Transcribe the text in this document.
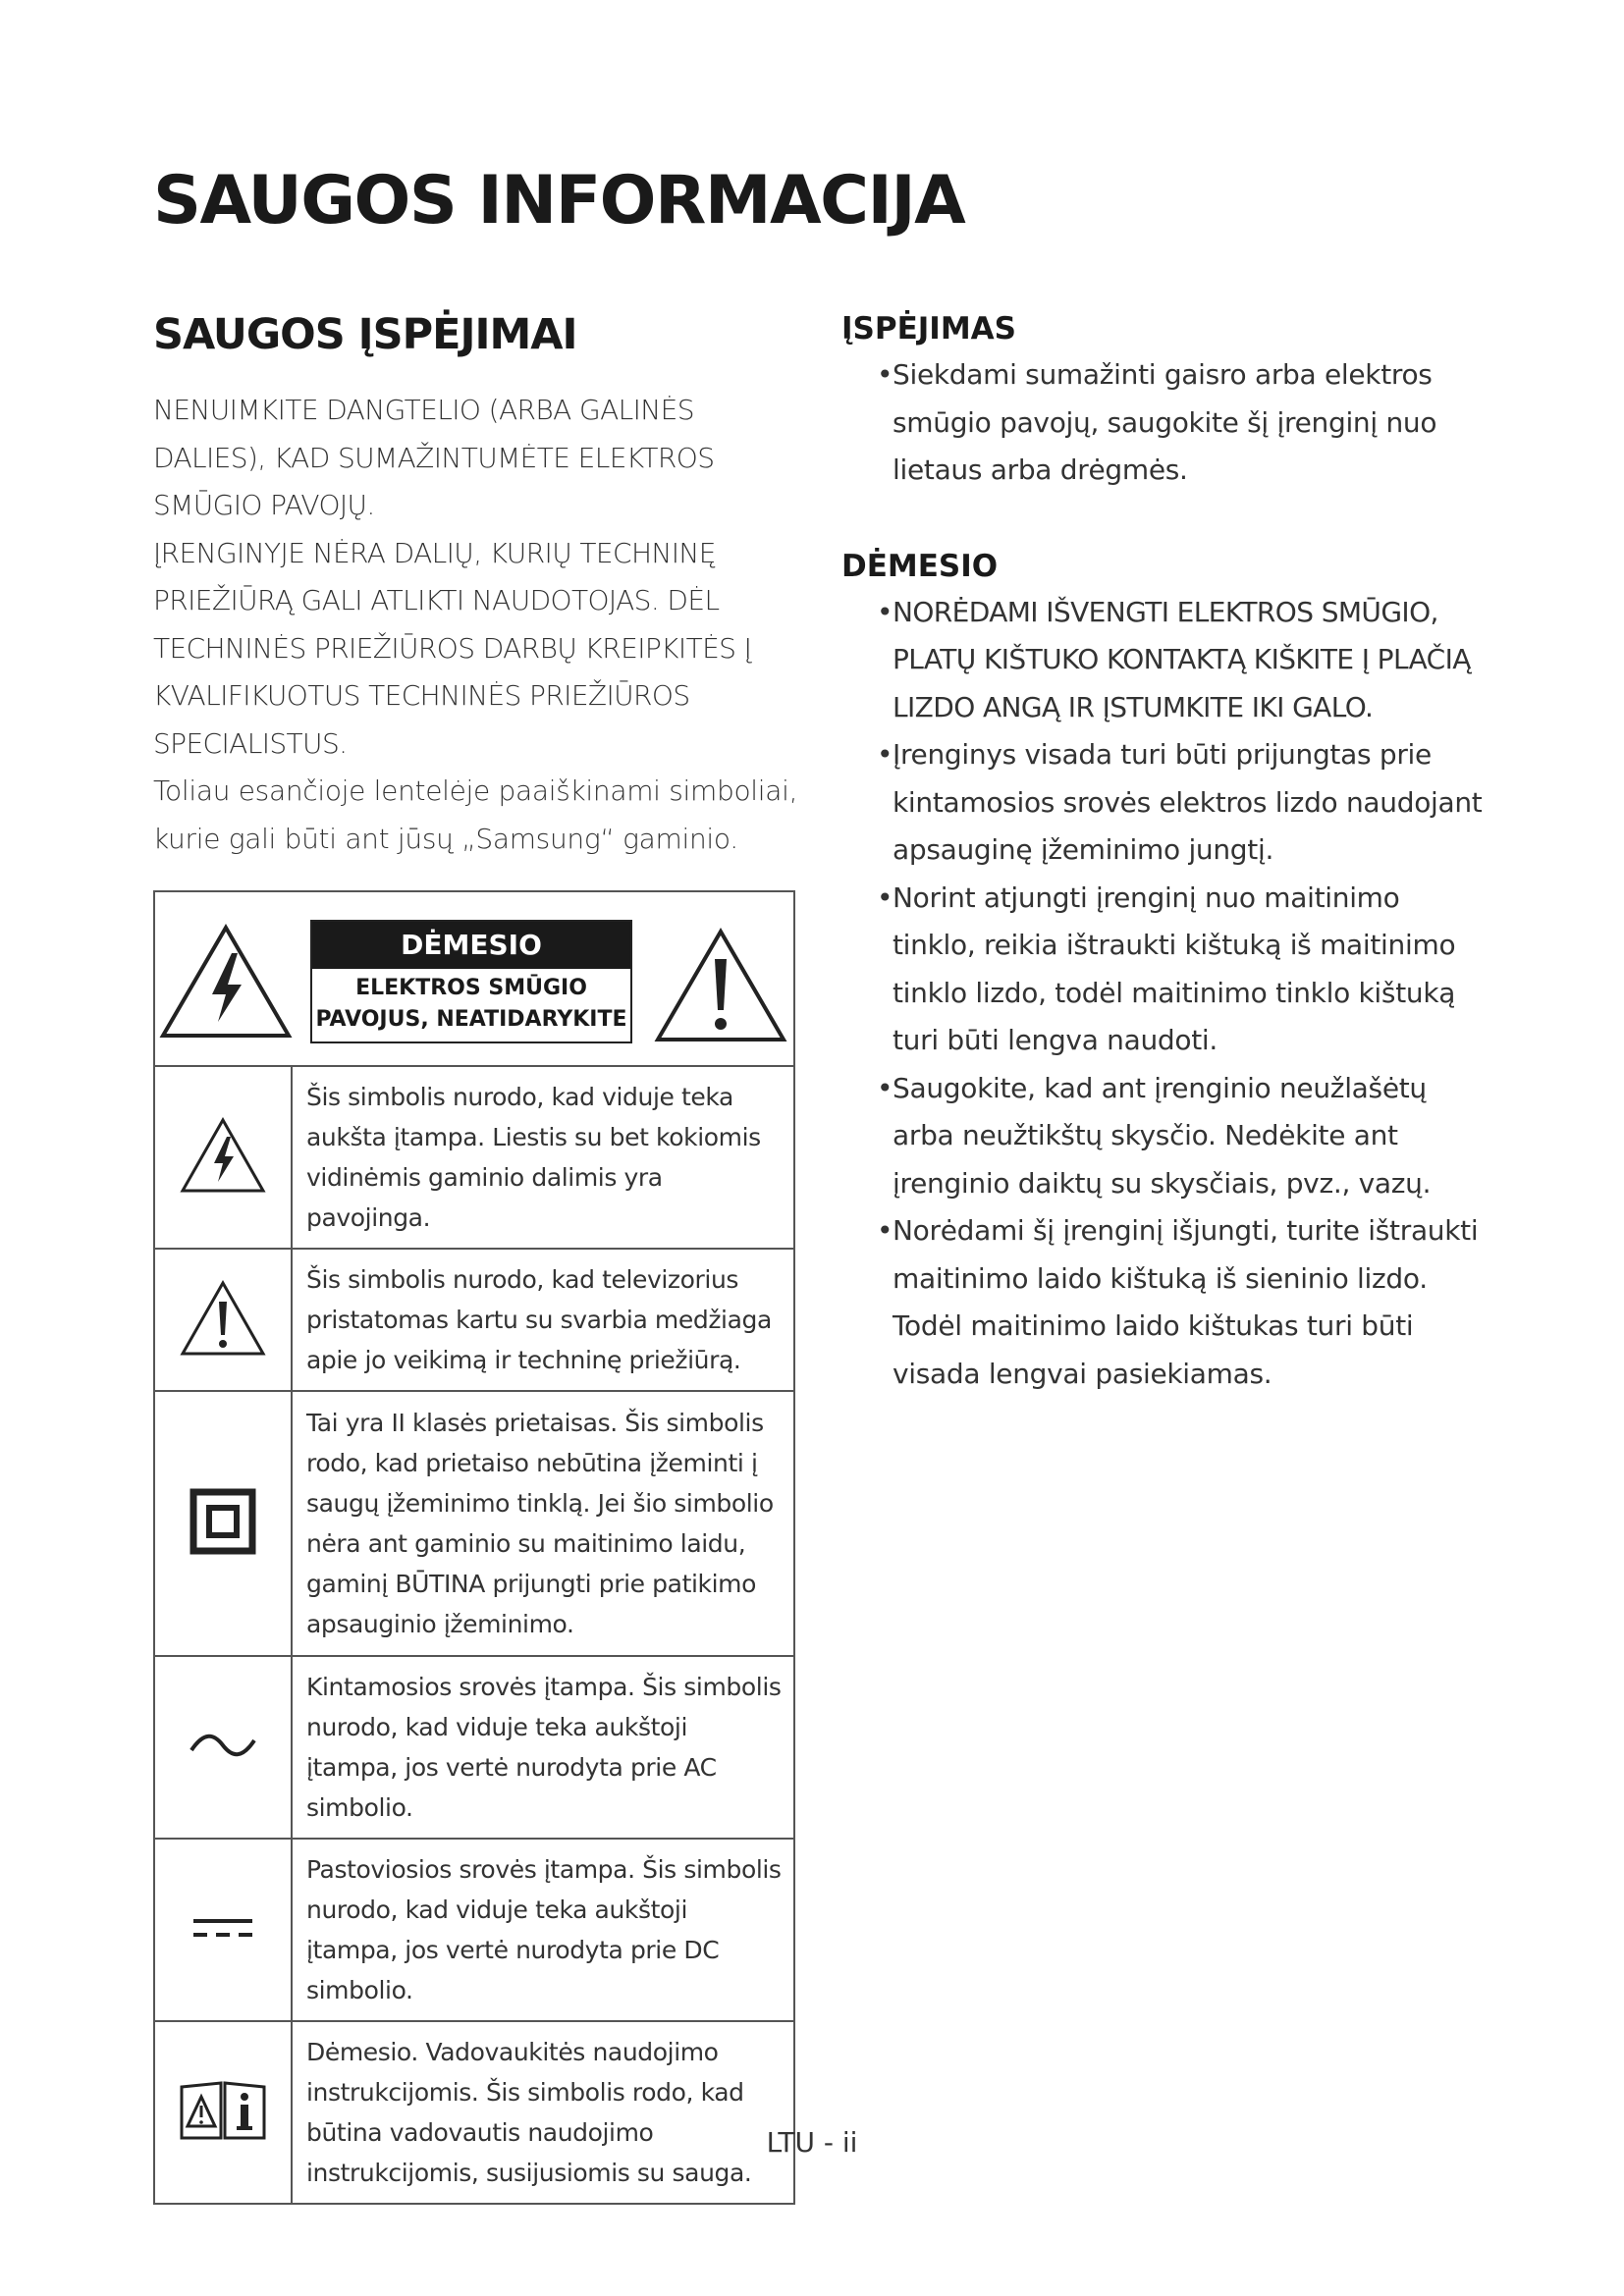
SAUGOS INFORMACIJA
SAUGOS ĮSPĖJIMAI

NENUIMKITE DANGTELIO (ARBA GALINĖS DALIES), KAD SUMAŽINTUMĖTE ELEKTROS SMŪGIO PAVOJŲ.

ĮRENGINYJE NĖRA DALIŲ, KURIŲ TECHNINĘ PRIEŽIŪRĄ GALI ATLIKTI NAUDOTOJAS. DĖL TECHNINĖS PRIEŽIŪROS DARBŲ KREIPKITĖS Į KVALIFIKUOTUS TECHNINĖS PRIEŽIŪROS SPECIALISTUS.

Toliau esančioje lentelėje paaiškinami simboliai, kurie gali būti ant jūsų „Samsung“ gaminio.

DĖMESIO
ELEKTROS SMŪGIO
PAVOJUS, NEATIDARYKITE	

	Šis simbolis nurodo, kad viduje teka aukšta įtampa. Liestis su bet kokiomis vidinėmis gaminio dalimis yra pavojinga.
	Šis simbolis nurodo, kad televizorius pristatomas kartu su svarbia medžiaga apie jo veikimą ir techninę priežiūrą.
	Tai yra II klasės prietaisas. Šis simbolis rodo, kad prietaiso nebūtina įžeminti į saugų įžeminimo tinklą. Jei šio simbolio nėra ant gaminio su maitinimo laidu, gaminį BŪTINA prijungti prie patikimo apsauginio įžeminimo.
	Kintamosios srovės įtampa. Šis simbolis nurodo, kad viduje teka aukštoji įtampa, jos vertė nurodyta prie AC simbolio.
	Pastoviosios srovės įtampa. Šis simbolis nurodo, kad viduje teka aukštoji įtampa, jos vertė nurodyta prie DC simbolio.
	Dėmesio. Vadovaukitės naudojimo instrukcijomis. Šis simbolis rodo, kad būtina vadovautis naudojimo instrukcijomis, susijusiomis su sauga.
ĮSPĖJIMAS
• Siekdami sumažinti gaisro arba elektros smūgio pavojų, saugokite šį įrenginį nuo lietaus arba drėgmės.
DĖMESIO
• NORĖDAMI IŠVENGTI ELEKTROS SMŪGIO, PLATŲ KIŠTUKO KONTAKTĄ KIŠKITE Į PLAČIĄ LIZDO ANGĄ IR ĮSTUMKITE IKI GALO.
• Įrenginys visada turi būti prijungtas prie kintamosios srovės elektros lizdo naudojant apsauginę įžeminimo jungtį.
• Norint atjungti įrenginį nuo maitinimo tinklo, reikia ištraukti kištuką iš maitinimo tinklo lizdo, todėl maitinimo tinklo kištuką turi būti lengva naudoti.
• Saugokite, kad ant įrenginio neužlašėtų arba neužtikštų skysčio. Nedėkite ant įrenginio daiktų su skysčiais, pvz., vazų.
• Norėdami šį įrenginį išjungti, turite ištraukti maitinimo laido kištuką iš sieninio lizdo. Todėl maitinimo laido kištukas turi būti visada lengvai pasiekiamas.
LTU - ii
